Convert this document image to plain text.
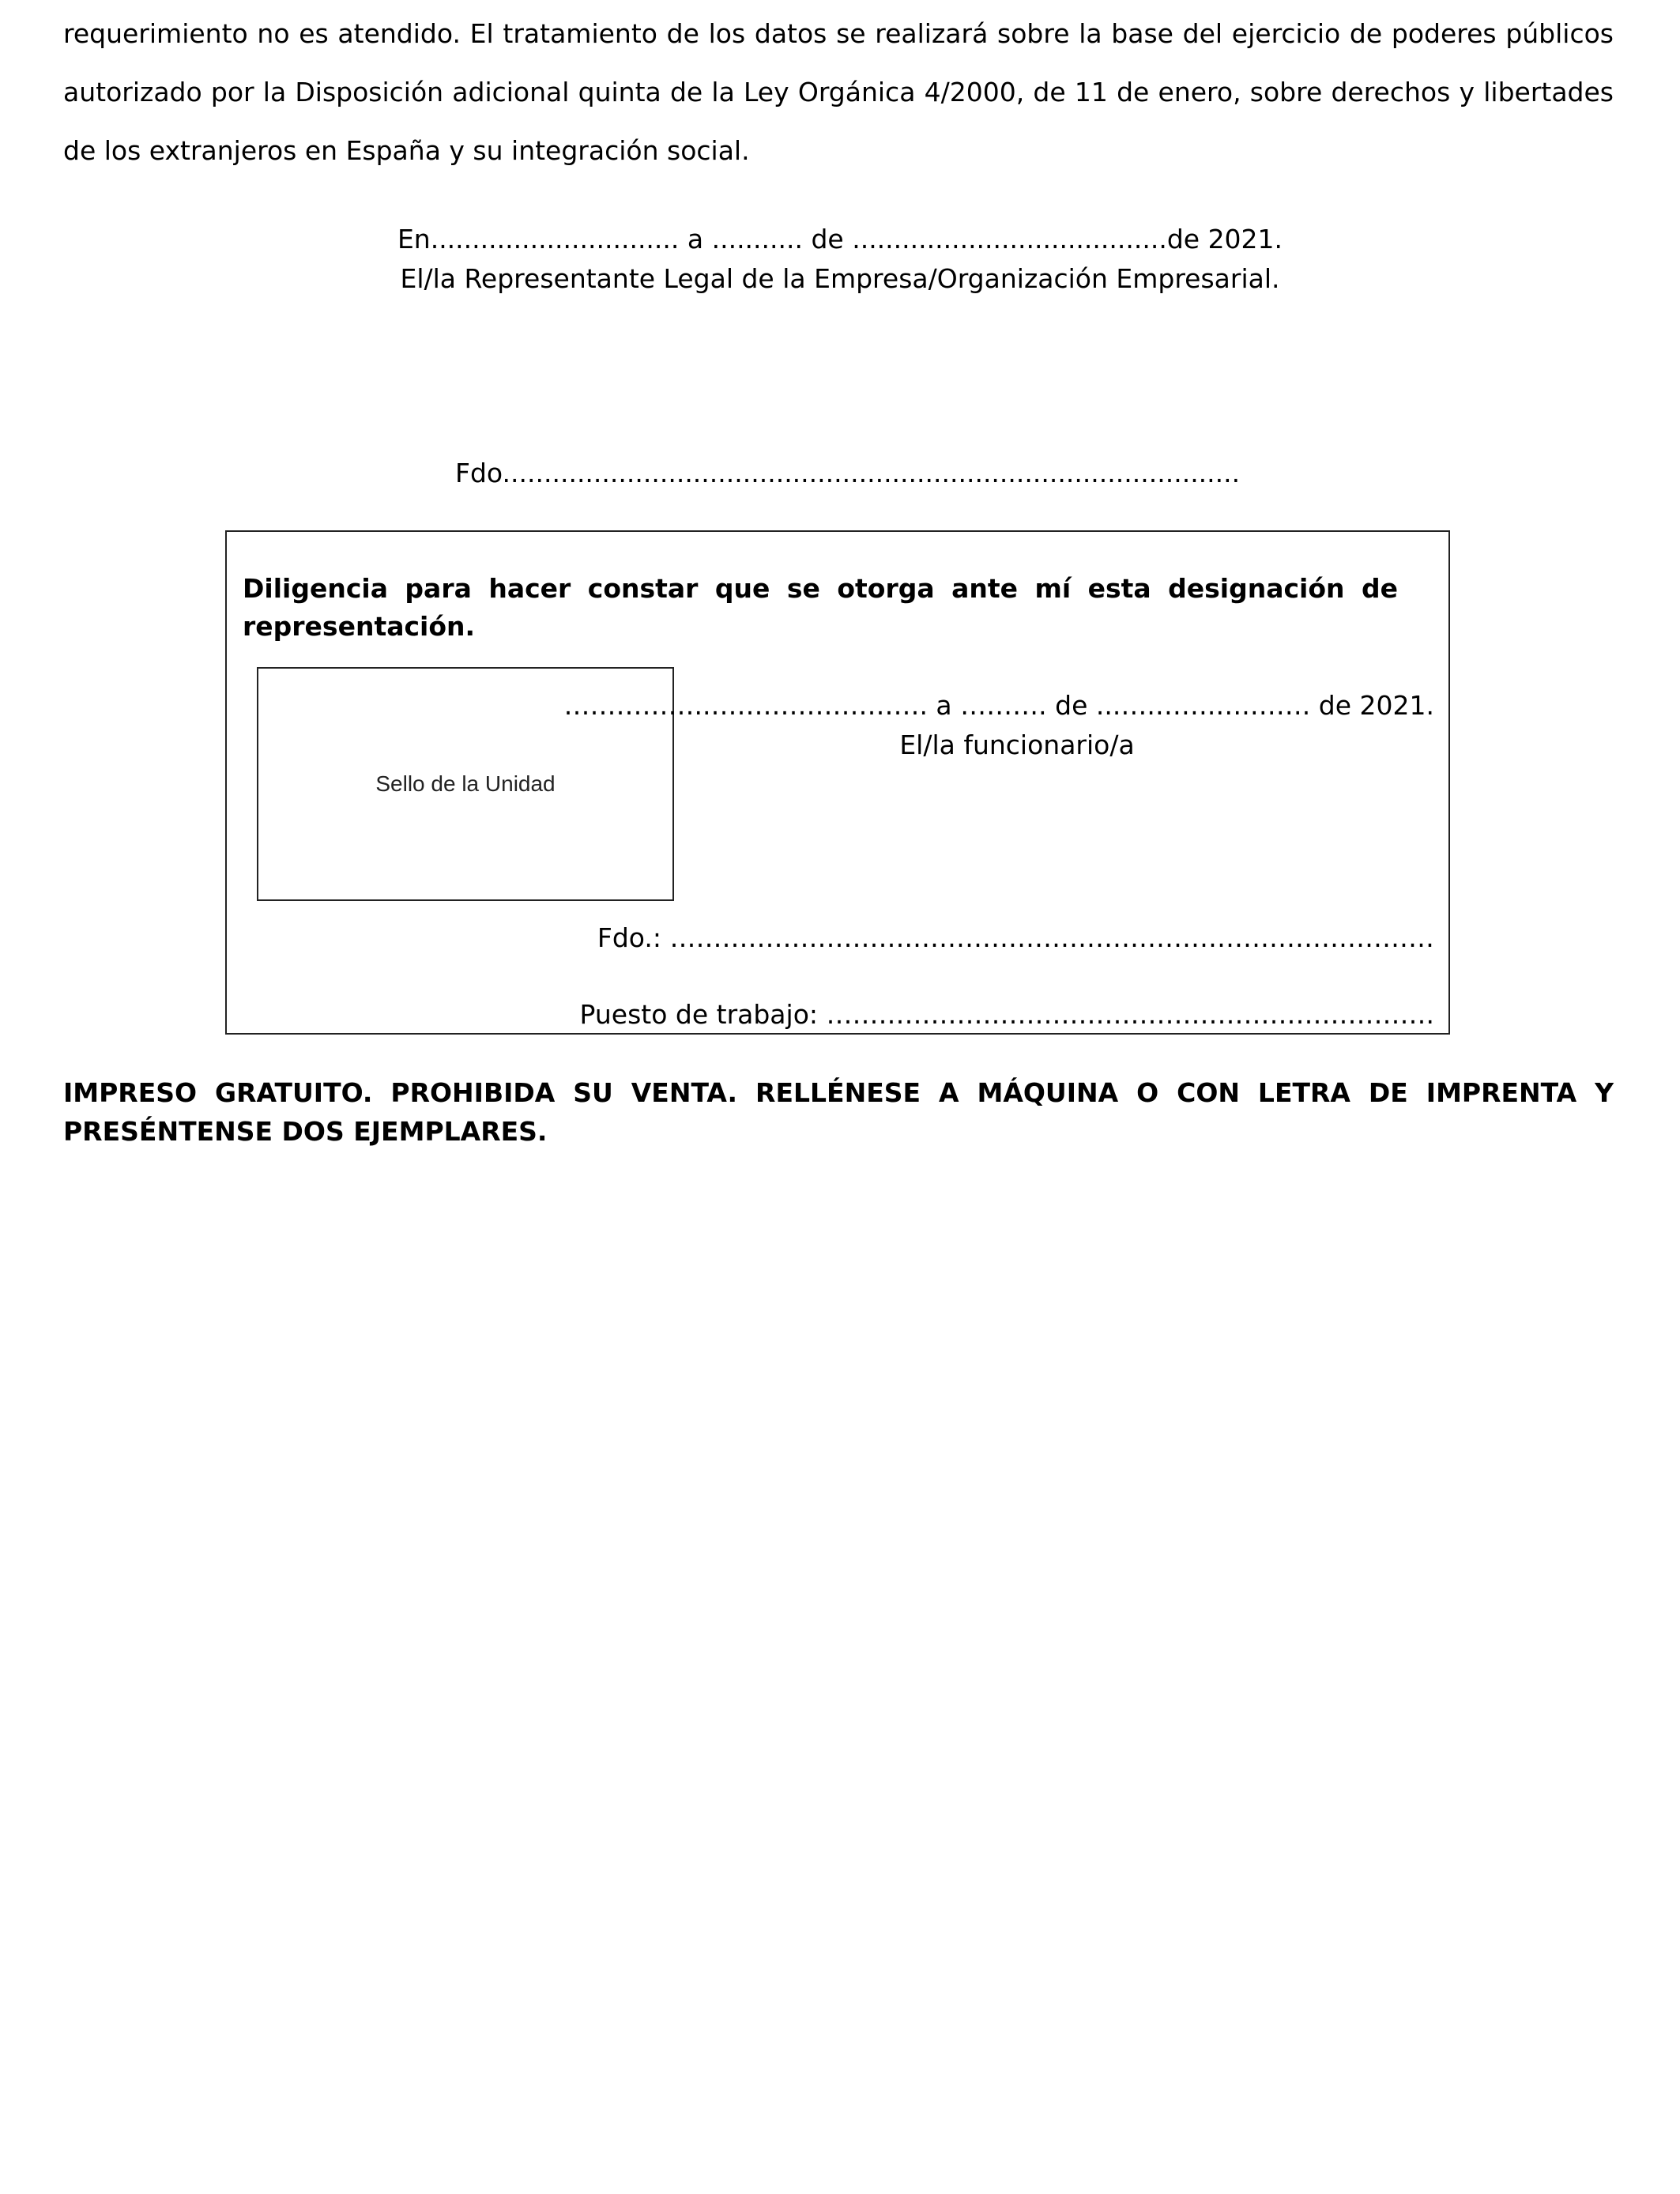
requerimiento no es atendido. El tratamiento de los datos se realizará sobre la base del ejercicio de poderes públicos autorizado por la Disposición adicional quinta de la Ley Orgánica 4/2000, de 11 de enero, sobre derechos y libertades de los extranjeros en España y su integración social.

En.............................. a ........... de ......................................de 2021.
El/la Representante Legal de la Empresa/Organización Empresarial.
Fdo.........................................................................................

Diligencia para hacer constar que se otorga ante mí esta designación de representación.

Sello de la Unidad
……………..……………………. a ………. de ...….…….….……. de 2021.
El/la funcionario/a
Fdo.: ……………………….……………………………………………………
Puesto de trabajo: …………………………………………………………….

IMPRESO GRATUITO. PROHIBIDA SU VENTA. RELLÉNESE A MÁQUINA O CON LETRA DE IMPRENTA Y PRESÉNTENSE DOS EJEMPLARES.
